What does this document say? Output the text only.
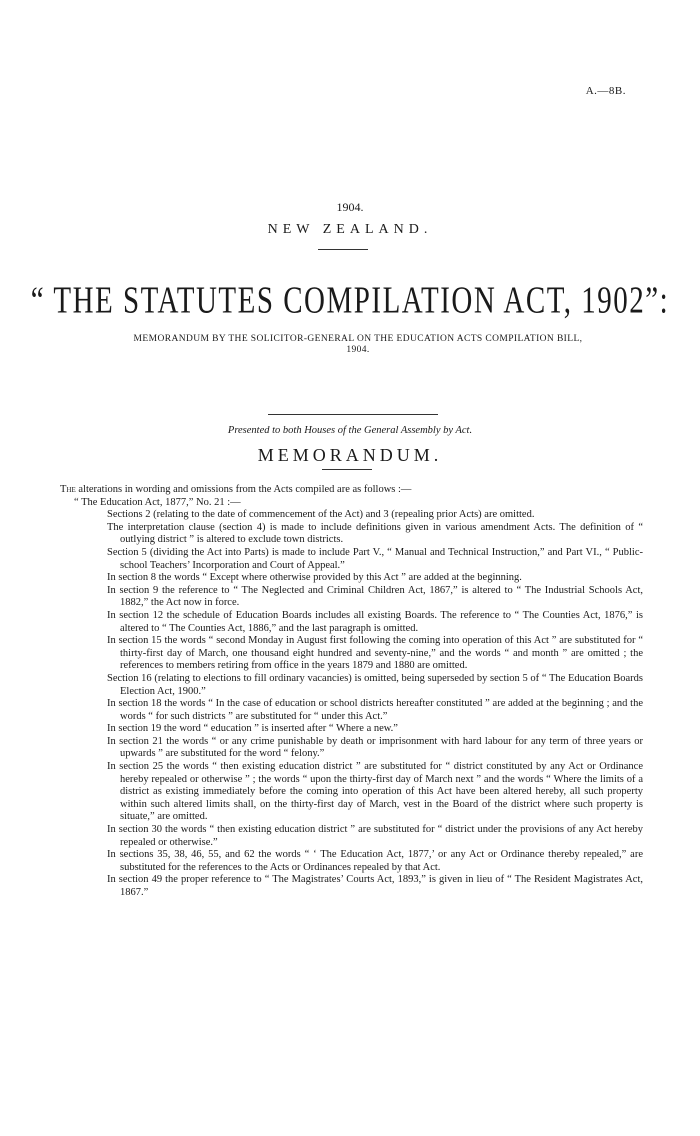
A.—8B.
1904.
NEW ZEALAND.
“ THE STATUTES COMPILATION ACT, 1902”:
MEMORANDUM BY THE SOLICITOR-GENERAL ON THE EDUCATION ACTS COMPILATION BILL,
1904.
Presented to both Houses of the General Assembly by Act.
MEMORANDUM.

The alterations in wording and omissions from the Acts compiled are as follows :—

“ The Education Act, 1877,” No. 21 :—

Sections 2 (relating to the date of commencement of the Act) and 3 (repealing prior Acts) are omitted.

The interpretation clause (section 4) is made to include definitions given in various amendment Acts. The definition of “ outlying district ” is altered to exclude town districts.

Section 5 (dividing the Act into Parts) is made to include Part V., “ Manual and Technical Instruction,” and Part VI., “ Public-school Teachers’ Incorporation and Court of Appeal.”

In section 8 the words “ Except where otherwise provided by this Act ” are added at the beginning.

In section 9 the reference to “ The Neglected and Criminal Children Act, 1867,” is altered to “ The Industrial Schools Act, 1882,” the Act now in force.

In section 12 the schedule of Education Boards includes all existing Boards. The reference to “ The Counties Act, 1876,” is altered to “ The Counties Act, 1886,” and the last paragraph is omitted.

In section 15 the words “ second Monday in August first following the coming into operation of this Act ” are substituted for “ thirty-first day of March, one thousand eight hundred and seventy-nine,” and the words “ and month ” are omitted ; the references to members retiring from office in the years 1879 and 1880 are omitted.

Section 16 (relating to elections to fill ordinary vacancies) is omitted, being superseded by section 5 of “ The Education Boards Election Act, 1900.”

In section 18 the words “ In the case of education or school districts hereafter constituted ” are added at the beginning ; and the words “ for such districts ” are substituted for “ under this Act.”

In section 19 the word “ education ” is inserted after “ Where a new.”

In section 21 the words “ or any crime punishable by death or imprisonment with hard labour for any term of three years or upwards ” are substituted for the word “ felony.”

In section 25 the words “ then existing education district ” are substituted for “ district constituted by any Act or Ordinance hereby repealed or otherwise ” ; the words “ upon the thirty-first day of March next ” and the words “ Where the limits of a district as existing immediately before the coming into operation of this Act have been altered hereby, all such property within such altered limits shall, on the thirty-first day of March, vest in the Board of the district where such property is situate,” are omitted.

In section 30 the words “ then existing education district ” are substituted for “ district under the provisions of any Act hereby repealed or otherwise.”

In sections 35, 38, 46, 55, and 62 the words “ ‘ The Education Act, 1877,’ or any Act or Ordinance thereby repealed,” are substituted for the references to the Acts or Ordinances repealed by that Act.

In section 49 the proper reference to “ The Magistrates’ Courts Act, 1893,” is given in lieu of “ The Resident Magistrates Act, 1867.”
